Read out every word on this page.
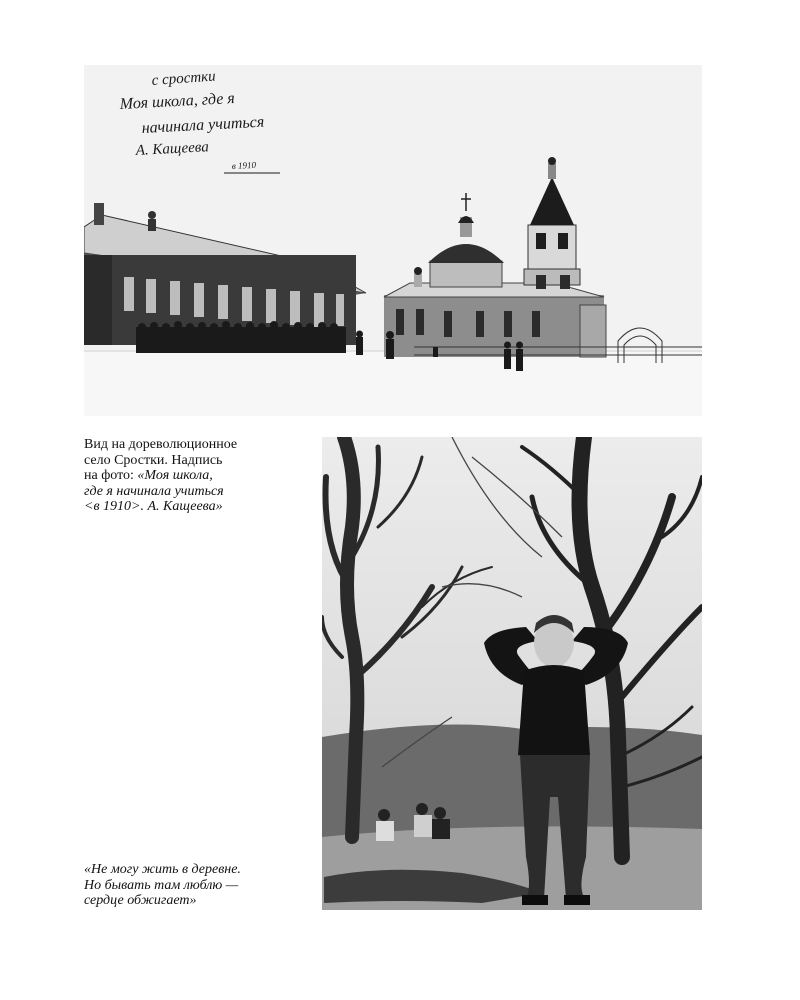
с сростки
Моя школа, где я
начинала учиться
А. Кащеева
в 1910

Вид на дореволюционное

село Сростки. Надпись

на фото: «Моя школа,

где я начинала учиться

<в 1910>. А. Кащеева»

«Не могу жить в деревне.

Но бывать там люблю —

сердце обжигает»
